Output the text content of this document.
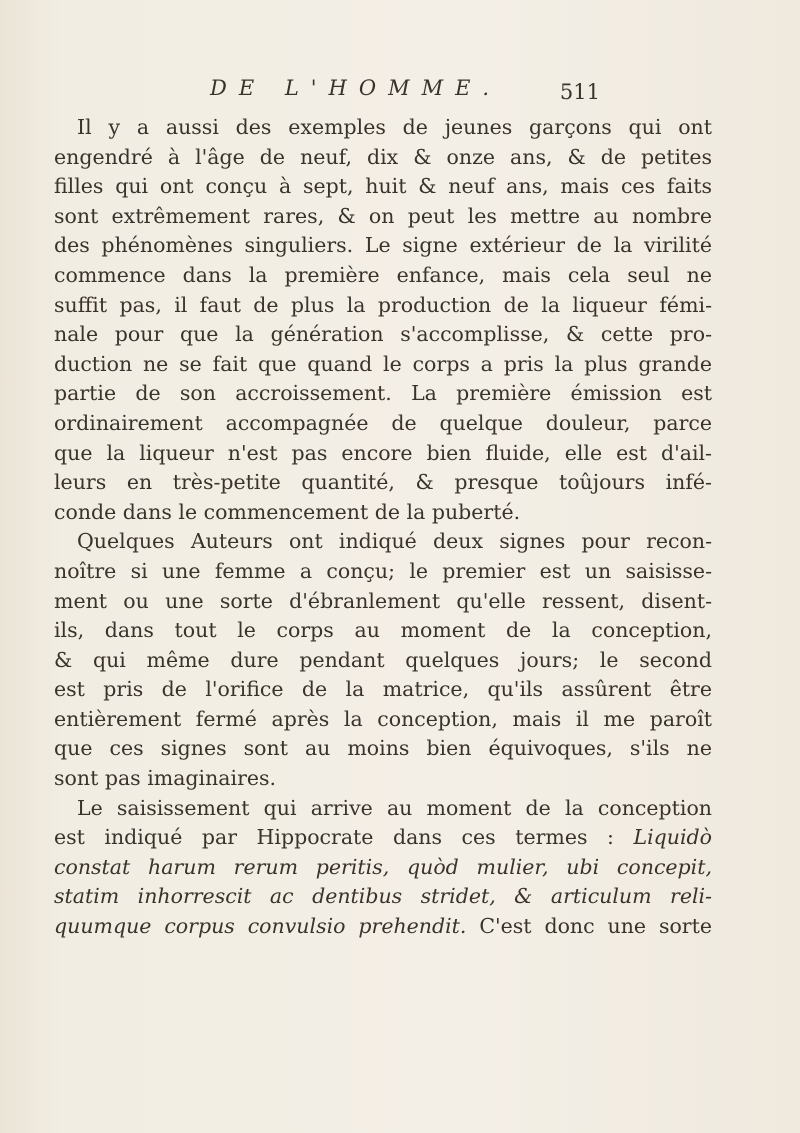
DE L'HOMME.	511
Il y a aussi des exemples de jeunes garçons qui ont
engendré à l'âge de neuf, dix & onze ans, & de petites
filles qui ont conçu à sept, huit & neuf ans, mais ces faits
sont extrêmement rares, & on peut les mettre au nombre
des phénomènes singuliers. Le signe extérieur de la virilité
commence dans la première enfance, mais cela seul ne
suffit pas, il faut de plus la production de la liqueur fémi-
nale pour que la génération s'accomplisse, & cette pro-
duction ne se fait que quand le corps a pris la plus grande
partie de son accroissement. La première émission est
ordinairement accompagnée de quelque douleur, parce
que la liqueur n'est pas encore bien fluide, elle est d'ail-
leurs en très-petite quantité, & presque toûjours infé-
conde dans le commencement de la puberté.
Quelques Auteurs ont indiqué deux signes pour recon-
noître si une femme a conçu; le premier est un saisisse-
ment ou une sorte d'ébranlement qu'elle ressent, disent-
ils, dans tout le corps au moment de la conception,
& qui même dure pendant quelques jours; le second
est pris de l'orifice de la matrice, qu'ils assûrent être
entièrement fermé après la conception, mais il me paroît
que ces signes sont au moins bien équivoques, s'ils ne
sont pas imaginaires.
Le saisissement qui arrive au moment de la conception
est indiqué par Hippocrate dans ces termes : Liquidò
constat harum rerum peritis, quòd mulier, ubi concepit,
statim inhorrescit ac dentibus stridet, & articulum reli-
quumque corpus convulsio prehendit. C'est donc une sorte
